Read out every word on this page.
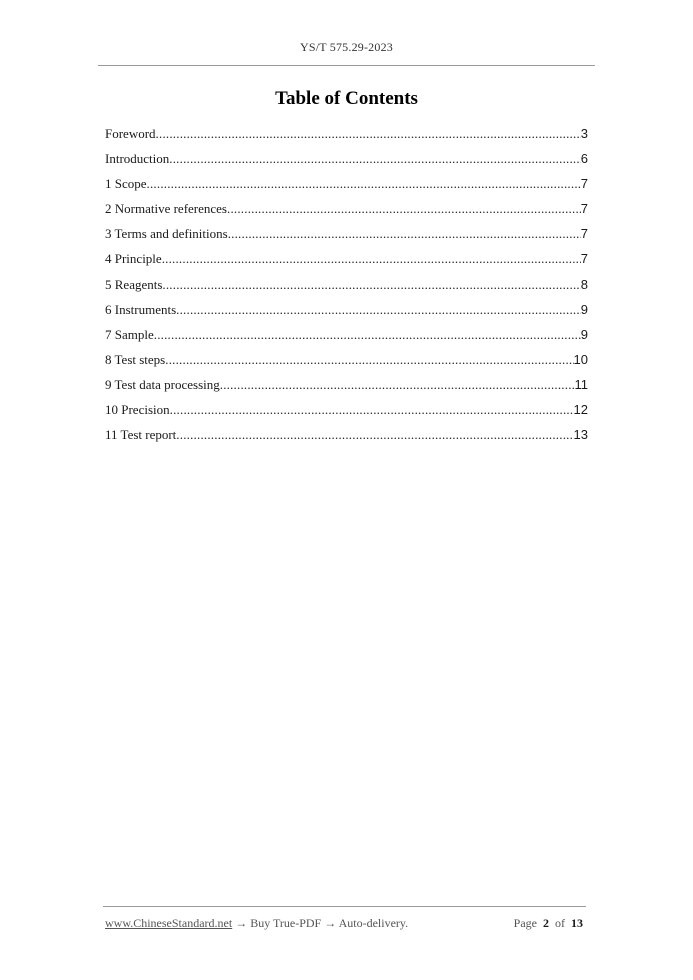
YS/T 575.29-2023
Table of Contents
Foreword .....	3
Introduction .....	6
1 Scope .....	7
2 Normative references .....	7
3 Terms and definitions .....	7
4 Principle .....	7
5 Reagents .....	8
6 Instruments .....	9
7 Sample .....	9
8 Test steps .....	10
9 Test data processing .....	11
10 Precision .....	12
11 Test report .....	13
www.ChineseStandard.net → Buy True-PDF → Auto-delivery.	Page 2 of 13
